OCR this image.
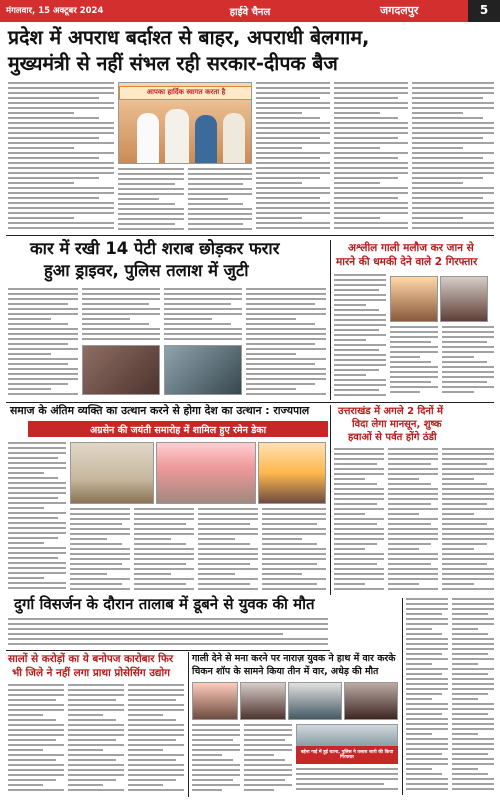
मंगलवार, 15 अक्टूबर 2024	हाईवे चैनल	जगदलपुर	5
प्रदेश में अपराध बर्दाश्त से बाहर, अपराधी बेलगाम,
मुख्यमंत्री से नहीं संभल रही सरकार-दीपक बैज
आपका हार्दिक स्वागत करता है
कार में रखी 14 पेटी शराब छोड़कर फरार
हुआ ड्राइवर, पुलिस तलाश में जुटी
अश्लील गाली मलौज कर जान से
मारने की धमकी देने वाले 2 गिरफ्तार
समाज के अंतिम व्यक्ति का उत्थान करने से होगा देश का उत्थान : राज्यपाल
अग्रसेन की जयंती समारोह में शामिल हुए रमेन डेका
उत्तराखंड में अगले 2 दिनों में
विदा लेगा मानसून, शुष्क
हवाओं से पर्वत होंगे ठंडी
दुर्गा विसर्जन के दौरान तालाब में डूबने से युवक की मौत
सालों से करोड़ों का ये बनोपज कारोबार फिर
भी जिले ने नहीं लगा प्राथा प्रोसेसिंग उद्योग
गाली देने से मना करने पर नाराज़ युवक ने हाथ में वार करके
चिकन शॉप के सामने किया तीन में वार, अधेड़ की मौत
बहेना गाई में हुई घटना, पुलिस ने तलाश जारी की किया गिरफ्तार
